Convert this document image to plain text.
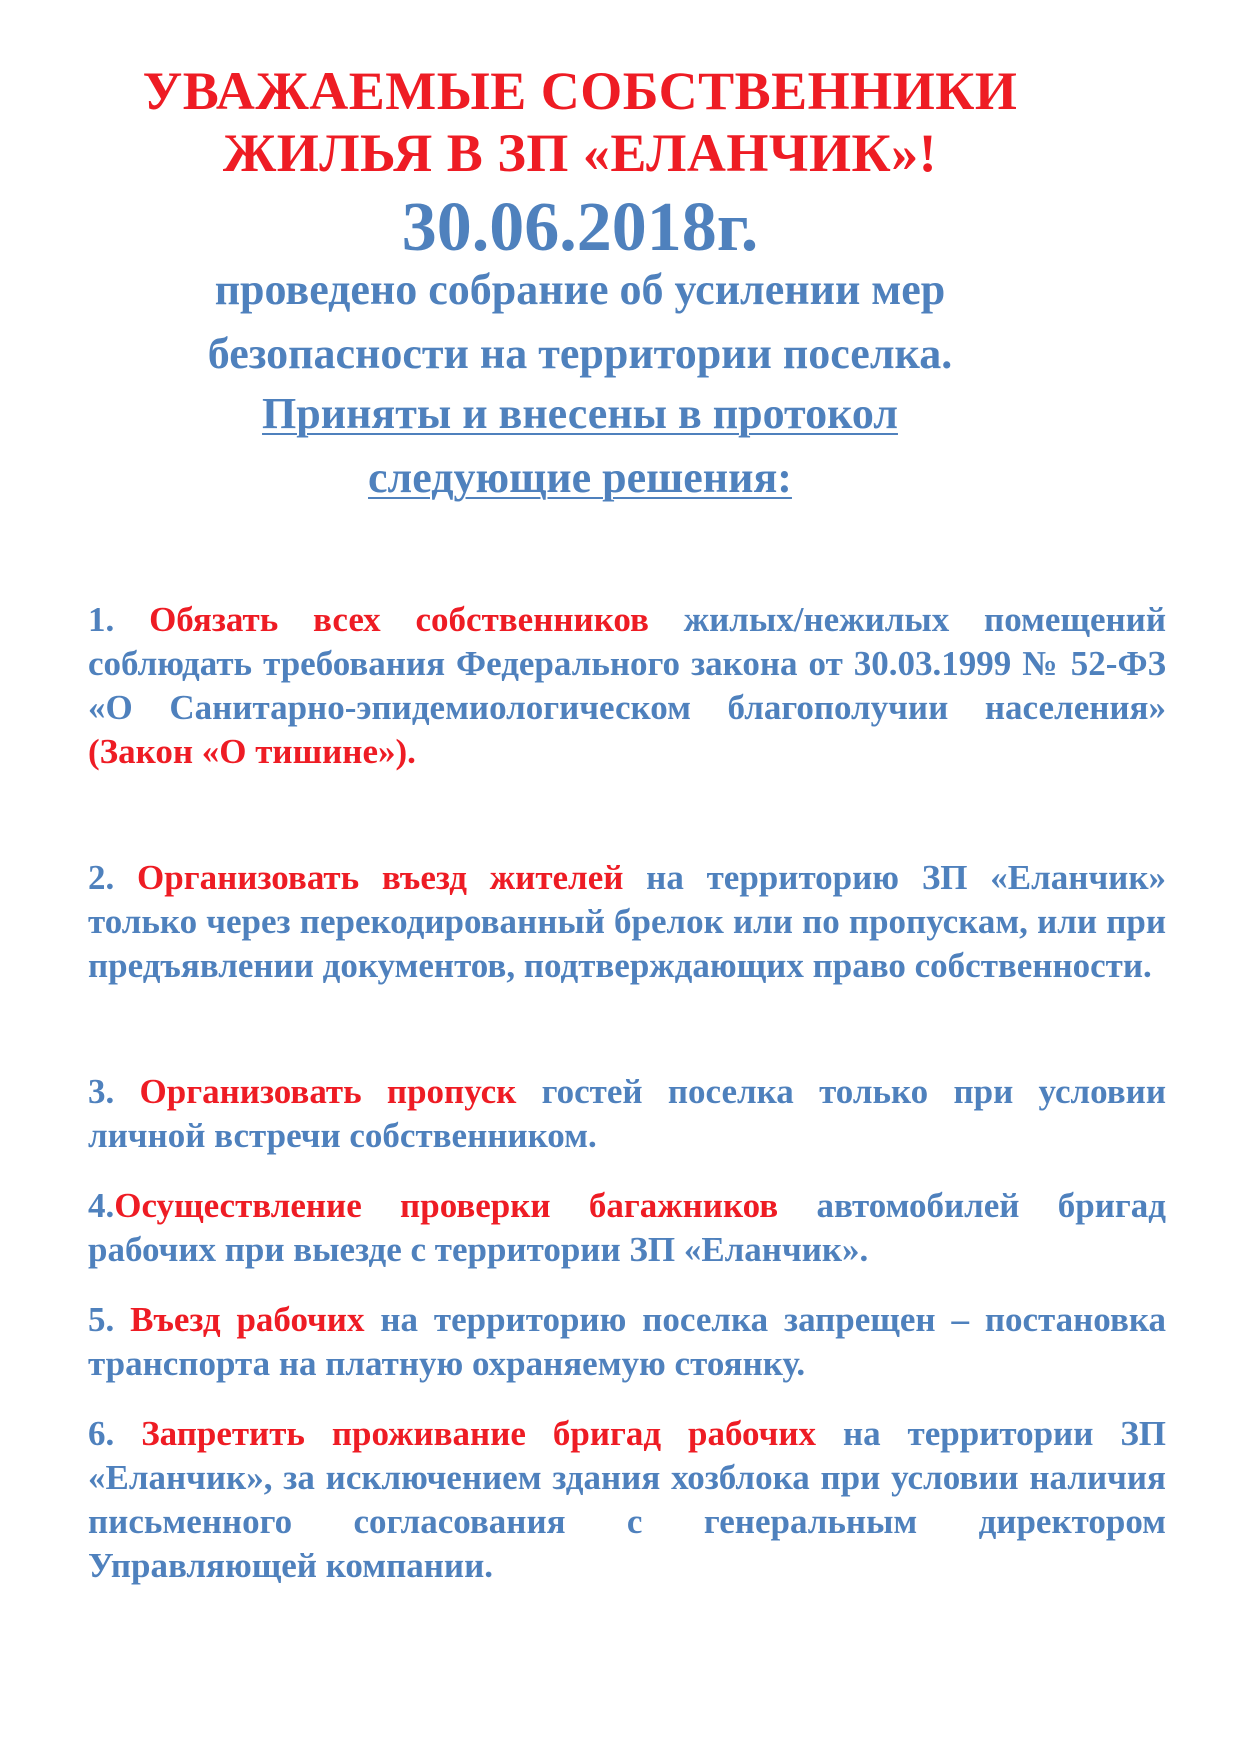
УВАЖАЕМЫЕ СОБСТВЕННИКИ
ЖИЛЬЯ В ЗП «ЕЛАНЧИК»!
30.06.2018г.
проведено собрание об усилении мер
безопасности на территории поселка.
Приняты и внесены в протокол
следующие решения:
1. Обязать всех собственников жилых/нежилых помещений соблюдать требования Федерального закона от 30.03.1999 № 52-ФЗ «О Санитарно-эпидемиологическом благополучии населения» (Закон «О тишине»).
2. Организовать въезд жителей на территорию ЗП «Еланчик» только через перекодированный брелок или по пропускам, или при предъявлении документов, подтверждающих право собственности.
3. Организовать пропуск гостей поселка только при условии личной встречи собственником.
4.Осуществление проверки багажников автомобилей бригад рабочих при выезде с территории ЗП «Еланчик».
5. Въезд рабочих на территорию поселка запрещен – постановка транспорта на платную охраняемую стоянку.
6. Запретить проживание бригад рабочих на территории ЗП «Еланчик», за исключением здания хозблока при условии наличия письменного согласования с генеральным директором Управляющей компании.
